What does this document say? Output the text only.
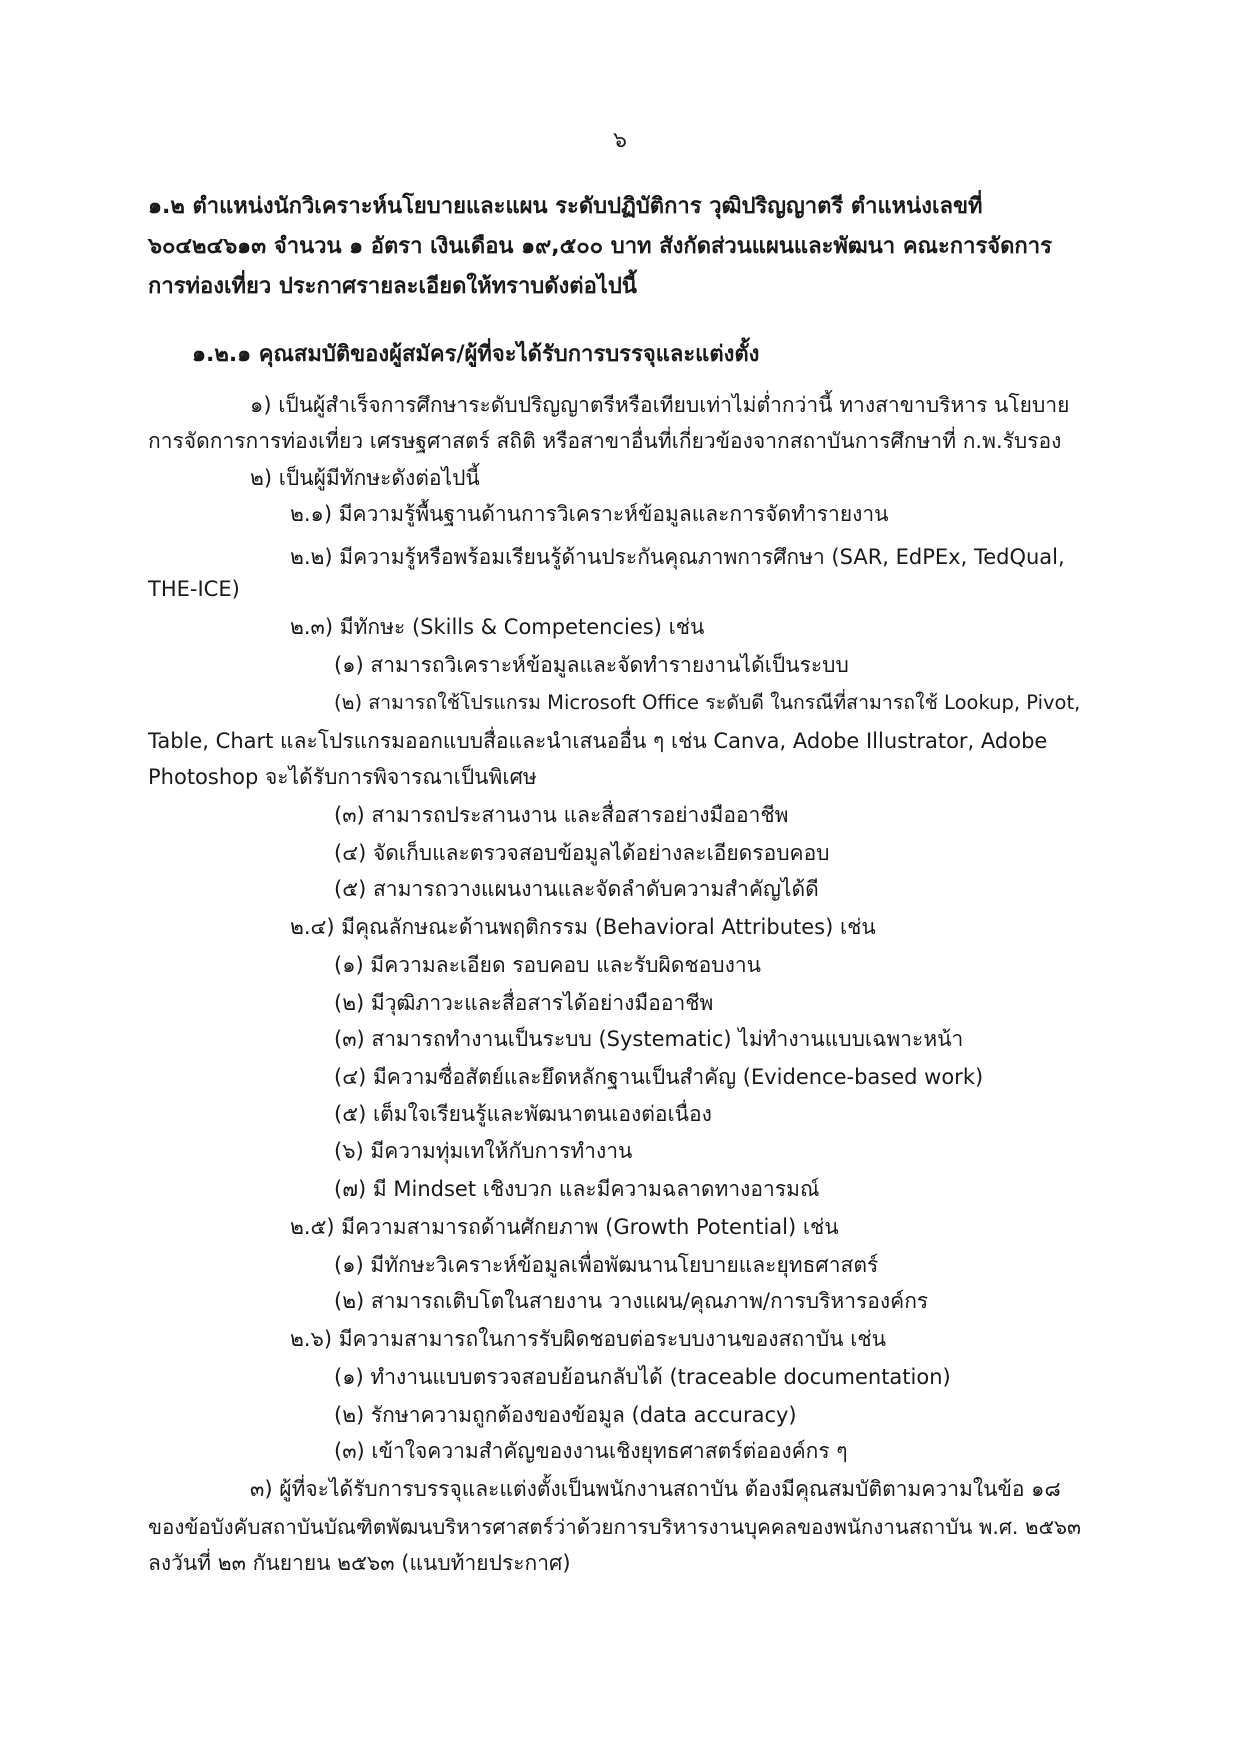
๖
๑.๒ ตำแหน่งนักวิเคราะห์นโยบายและแผน ระดับปฏิบัติการ วุฒิปริญญาตรี ตำแหน่งเลขที่
๖๐๔๒๔๖๑๓ จำนวน ๑ อัตรา เงินเดือน ๑๙,๕๐๐ บาท สังกัดส่วนแผนและพัฒนา คณะการจัดการ
การท่องเที่ยว ประกาศรายละเอียดให้ทราบดังต่อไปนี้
๑.๒.๑ คุณสมบัติของผู้สมัคร/ผู้ที่จะได้รับการบรรจุและแต่งตั้ง
๑) เป็นผู้สำเร็จการศึกษาระดับปริญญาตรีหรือเทียบเท่าไม่ต่ำกว่านี้ ทางสาขาบริหาร นโยบาย
การจัดการการท่องเที่ยว เศรษฐศาสตร์ สถิติ หรือสาขาอื่นที่เกี่ยวข้องจากสถาบันการศึกษาที่ ก.พ.รับรอง
๒) เป็นผู้มีทักษะดังต่อไปนี้
๒.๑) มีความรู้พื้นฐานด้านการวิเคราะห์ข้อมูลและการจัดทำรายงาน
๒.๒) มีความรู้หรือพร้อมเรียนรู้ด้านประกันคุณภาพการศึกษา (SAR, EdPEx, TedQual,
THE-ICE)
๒.๓) มีทักษะ (Skills & Competencies) เช่น
(๑) สามารถวิเคราะห์ข้อมูลและจัดทำรายงานได้เป็นระบบ
(๒) สามารถใช้โปรแกรม Microsoft Office ระดับดี ในกรณีที่สามารถใช้ Lookup, Pivot,
Table, Chart และโปรแกรมออกแบบสื่อและนำเสนออื่น ๆ เช่น Canva, Adobe Illustrator, Adobe
Photoshop จะได้รับการพิจารณาเป็นพิเศษ
(๓) สามารถประสานงาน และสื่อสารอย่างมืออาชีพ
(๔) จัดเก็บและตรวจสอบข้อมูลได้อย่างละเอียดรอบคอบ
(๕) สามารถวางแผนงานและจัดลำดับความสำคัญได้ดี
๒.๔) มีคุณลักษณะด้านพฤติกรรม (Behavioral Attributes) เช่น
(๑) มีความละเอียด รอบคอบ และรับผิดชอบงาน
(๒) มีวุฒิภาวะและสื่อสารได้อย่างมืออาชีพ
(๓) สามารถทำงานเป็นระบบ (Systematic) ไม่ทำงานแบบเฉพาะหน้า
(๔) มีความซื่อสัตย์และยึดหลักฐานเป็นสำคัญ (Evidence-based work)
(๕) เต็มใจเรียนรู้และพัฒนาตนเองต่อเนื่อง
(๖) มีความทุ่มเทให้กับการทำงาน
(๗) มี Mindset เชิงบวก และมีความฉลาดทางอารมณ์
๒.๕) มีความสามารถด้านศักยภาพ (Growth Potential) เช่น
(๑) มีทักษะวิเคราะห์ข้อมูลเพื่อพัฒนานโยบายและยุทธศาสตร์
(๒) สามารถเติบโตในสายงาน วางแผน/คุณภาพ/การบริหารองค์กร
๒.๖) มีความสามารถในการรับผิดชอบต่อระบบงานของสถาบัน เช่น
(๑) ทำงานแบบตรวจสอบย้อนกลับได้ (traceable documentation)
(๒) รักษาความถูกต้องของข้อมูล (data accuracy)
(๓) เข้าใจความสำคัญของงานเชิงยุทธศาสตร์ต่อองค์กร ๆ
๓) ผู้ที่จะได้รับการบรรจุและแต่งตั้งเป็นพนักงานสถาบัน ต้องมีคุณสมบัติตามความในข้อ ๑๘
ของข้อบังคับสถาบันบัณฑิตพัฒนบริหารศาสตร์ว่าด้วยการบริหารงานบุคคลของพนักงานสถาบัน พ.ศ. ๒๕๖๓
ลงวันที่ ๒๓ กันยายน ๒๕๖๓ (แนบท้ายประกาศ)
